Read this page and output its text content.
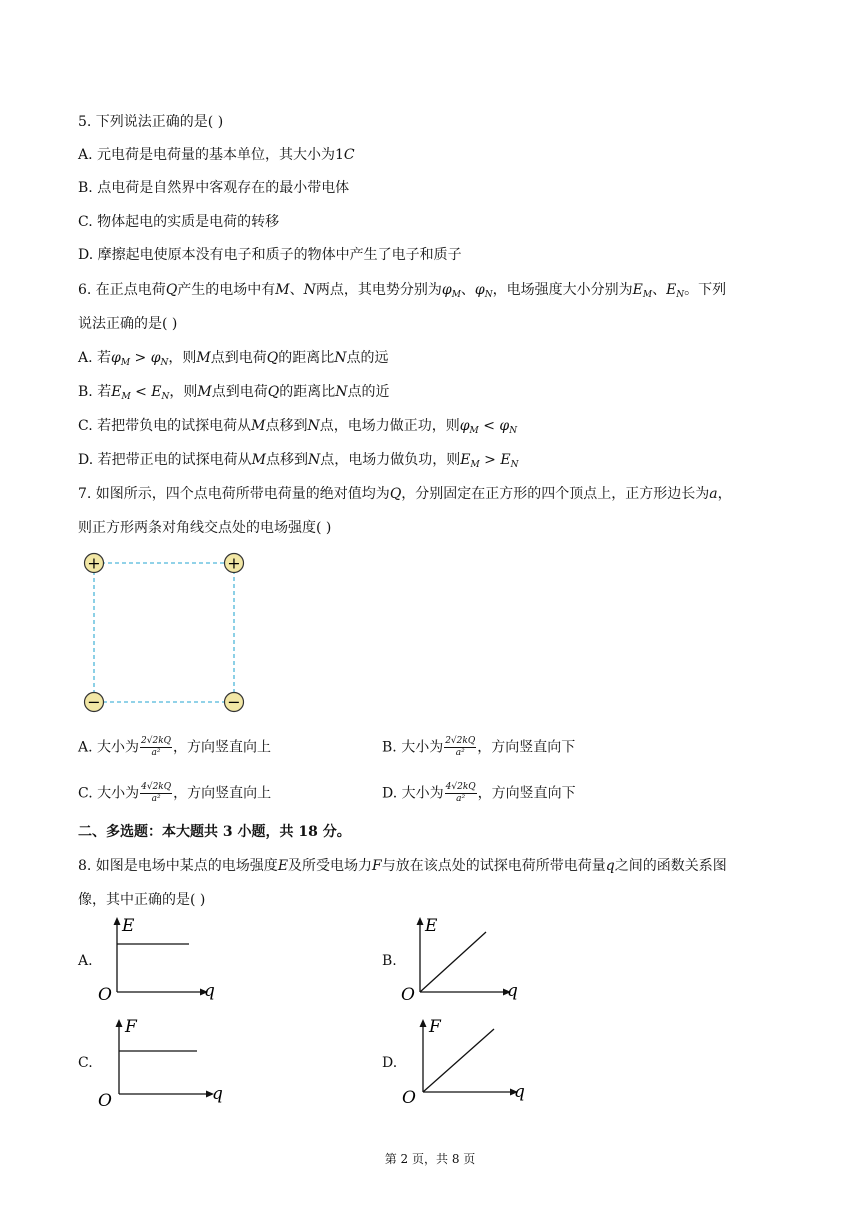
5. 下列说法正确的是( )
A. 元电荷是电荷量的基本单位，其大小为1C
B. 点电荷是自然界中客观存在的最小带电体
C. 物体起电的实质是电荷的转移
D. 摩擦起电使原本没有电子和质子的物体中产生了电子和质子
6. 在正点电荷Q产生的电场中有M、N两点，其电势分别为$\varphi_M$、$\varphi_N$，电场强度大小分别为$E_M$、$E_N$。下列
说法正确的是( )
A. 若$\varphi_M > \varphi_N$，则M点到电荷Q的距离比N点的远
B. 若$E_M < E_N$，则M点到电荷Q的距离比N点的近
C. 若把带负电的试探电荷从M点移到N点，电场力做正功，则$\varphi_M < \varphi_N$
D. 若把带正电的试探电荷从M点移到N点，电场力做负功，则$E_M > E_N$
7. 如图所示，四个点电荷所带电荷量的绝对值均为Q，分别固定在正方形的四个顶点上，正方形边长为a，
则正方形两条对角线交点处的电场强度( )
+	+
−	−
A. 大小为 $\frac{2√2kQ}{\text{a²}}$ ，方向竖直向上	B. 大小为 $\frac{2√2kQ}{\text{a²}}$ ，方向竖直向下
C. 大小为 $\frac{4√2kQ}{\text{a²}}$ ，方向竖直向上	D. 大小为 $\frac{4√2kQ}{\text{a²}}$ ，方向竖直向下
二、多选题：本大题共 3 小题，共 18 分。
8. 如图是电场中某点的电场强度E及所受电场力F与放在该点处的试探电荷所带电荷量q之间的函数关系图
像，其中正确的是( )
A.
E
O	q
B.
E
O	q
C.
F
O	q
D.
F
O	q
第 2 页，共 8 页
